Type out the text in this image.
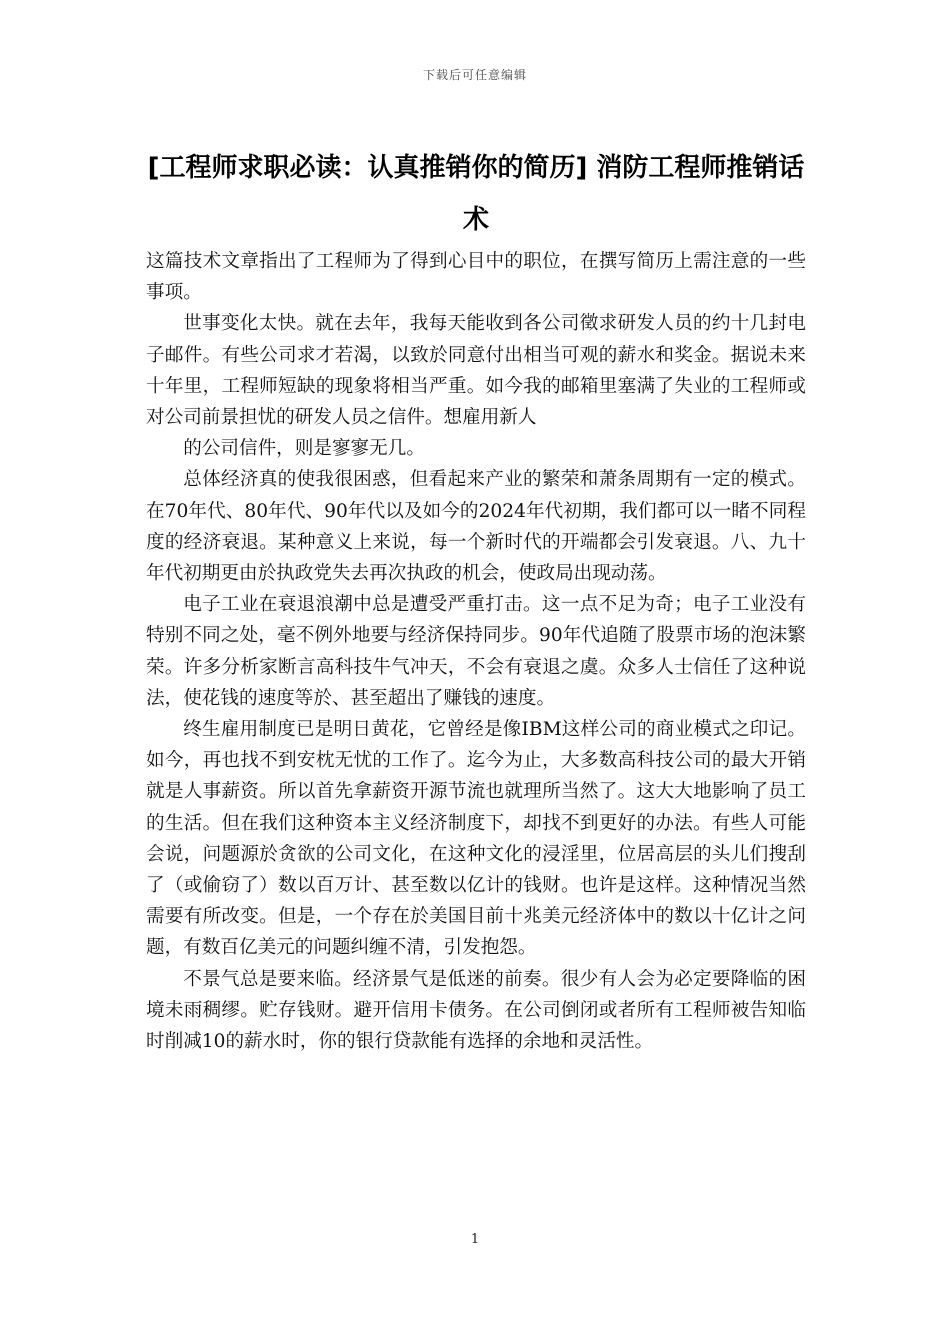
下载后可任意编辑
[工程师求职必读：认真推销你的简历] 消防工程师推销话术

这篇技术文章指出了工程师为了得到心目中的职位，在撰写简历上需注意的一些事项。

世事变化太快。就在去年，我每天能收到各公司徵求研发人员的约十几封电子邮件。有些公司求才若渴，以致於同意付出相当可观的薪水和奖金。据说未来十年里，工程师短缺的现象将相当严重。如今我的邮箱里塞满了失业的工程师或对公司前景担忧的研发人员之信件。想雇用新人

的公司信件，则是寥寥无几。

总体经济真的使我很困惑，但看起来产业的繁荣和萧条周期有一定的模式。在70年代、80年代、90年代以及如今的2024年代初期，我们都可以一睹不同程度的经济衰退。某种意义上来说，每一个新时代的开端都会引发衰退。八、九十年代初期更由於执政党失去再次执政的机会，使政局出现动荡。

电子工业在衰退浪潮中总是遭受严重打击。这一点不足为奇；电子工业没有特别不同之处，毫不例外地要与经济保持同步。90年代追随了股票市场的泡沫繁荣。许多分析家断言高科技牛气冲天，不会有衰退之虞。众多人士信任了这种说法，使花钱的速度等於、甚至超出了赚钱的速度。

终生雇用制度已是明日黄花，它曾经是像IBM这样公司的商业模式之印记。如今，再也找不到安枕无忧的工作了。迄今为止，大多数高科技公司的最大开销就是人事薪资。所以首先拿薪资开源节流也就理所当然了。这大大地影响了员工的生活。但在我们这种资本主义经济制度下，却找不到更好的办法。有些人可能会说，问题源於贪欲的公司文化，在这种文化的浸淫里，位居高层的头儿们搜刮了（或偷窃了）数以百万计、甚至数以亿计的钱财。也许是这样。这种情况当然需要有所改变。但是，一个存在於美国目前十兆美元经济体中的数以十亿计之问题，有数百亿美元的问题纠缠不清，引发抱怨。

不景气总是要来临。经济景气是低迷的前奏。很少有人会为必定要降临的困境未雨稠缪。贮存钱财。避开信用卡债务。在公司倒闭或者所有工程师被告知临时削减10的薪水时，你的银行贷款能有选择的余地和灵活性。

1
